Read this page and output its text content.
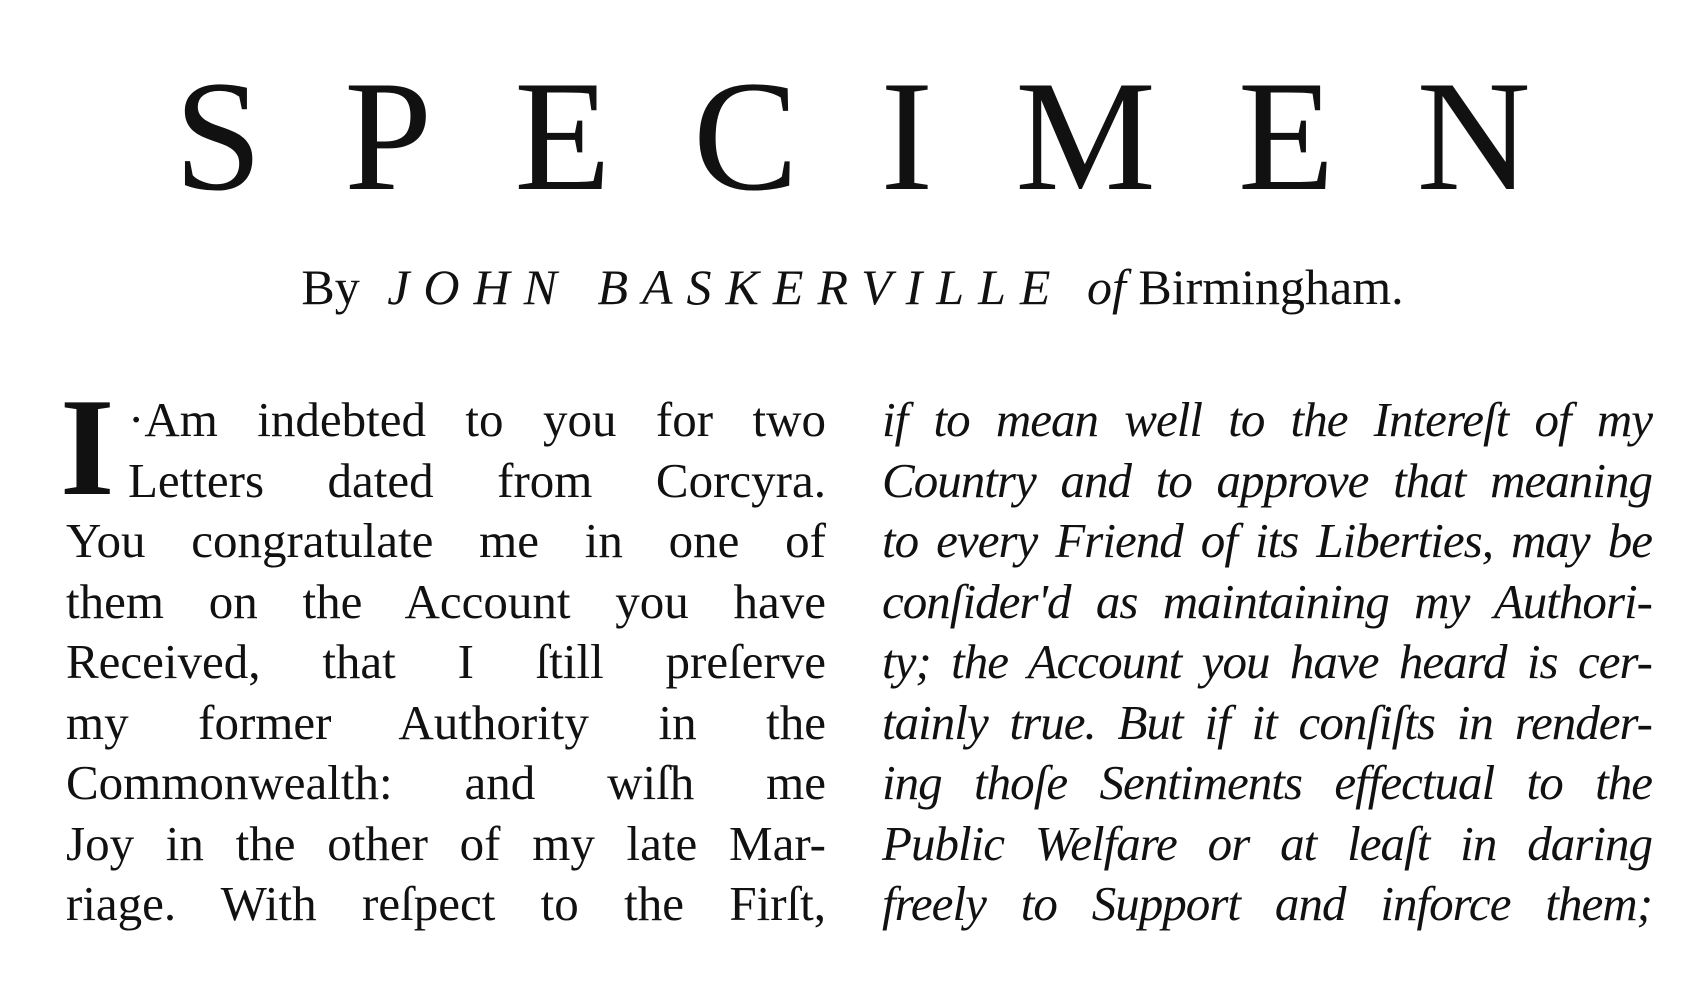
SPECIMEN
By JOHN BASKERVILLE of Birmingham.
I ·Am indebted to you for two
Letters dated from Corcyra.
You congratulate me in one of
them on the Account you have
Received, that I ſtill preſerve
my former Authority in the
Commonwealth: and wiſh me
Joy in the other of my late Mar-
riage. With reſpect to the Firſt,
if to mean well to the Intereſt of my
Country and to approve that meaning
to every Friend of its Liberties, may be
conſider'd as maintaining my Authori-
ty; the Account you have heard is cer-
tainly true. But if it conſiſts in render-
ing thoſe Sentiments effectual to the
Public Welfare or at leaſt in daring
freely to Support and inforce them;
